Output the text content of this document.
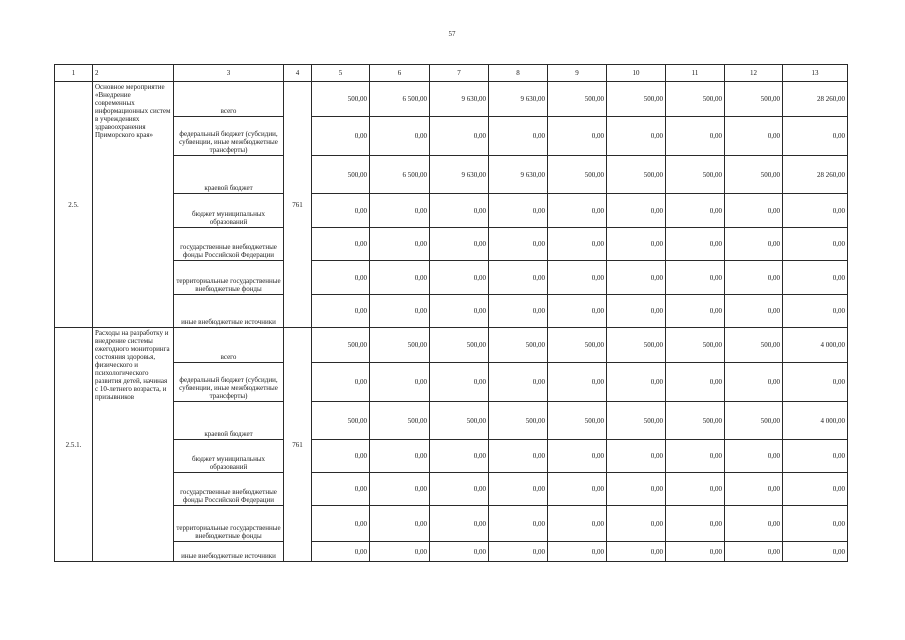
57
1	2	3	4	5	6	7	8	9	10	11	12	13
2.5.	Основное мероприятие «Внедрение современных информационных систем в учреждениях здравоохранения Приморского края»	всего	761	500,00	6 500,00	9 630,00	9 630,00	500,00	500,00	500,00	500,00	28 260,00
		федеральный бюджет (субсидии, субвенции, иные межбюджетные трансферты)		0,00	0,00	0,00	0,00	0,00	0,00	0,00	0,00	0,00
		краевой бюджет		500,00	6 500,00	9 630,00	9 630,00	500,00	500,00	500,00	500,00	28 260,00
		бюджет муниципальных образований		0,00	0,00	0,00	0,00	0,00	0,00	0,00	0,00	0,00
		государственные внебюджетные фонды Российской Федерации		0,00	0,00	0,00	0,00	0,00	0,00	0,00	0,00	0,00
		территориальные государственные внебюджетные фонды		0,00	0,00	0,00	0,00	0,00	0,00	0,00	0,00	0,00
		иные внебюджетные источники		0,00	0,00	0,00	0,00	0,00	0,00	0,00	0,00	0,00
2.5.1.	Расходы на разработку и внедрение системы ежегодного мониторинга состояния здоровья, физического и психологического развития детей, начиная с 10-летнего возраста, и призывников	всего	761	500,00	500,00	500,00	500,00	500,00	500,00	500,00	500,00	4 000,00
		федеральный бюджет (субсидии, субвенции, иные межбюджетные трансферты)		0,00	0,00	0,00	0,00	0,00	0,00	0,00	0,00	0,00
		краевой бюджет		500,00	500,00	500,00	500,00	500,00	500,00	500,00	500,00	4 000,00
		бюджет муниципальных образований		0,00	0,00	0,00	0,00	0,00	0,00	0,00	0,00	0,00
		государственные внебюджетные фонды Российской Федерации		0,00	0,00	0,00	0,00	0,00	0,00	0,00	0,00	0,00
		территориальные государственные внебюджетные фонды		0,00	0,00	0,00	0,00	0,00	0,00	0,00	0,00	0,00
		иные внебюджетные источники		0,00	0,00	0,00	0,00	0,00	0,00	0,00	0,00	0,00
